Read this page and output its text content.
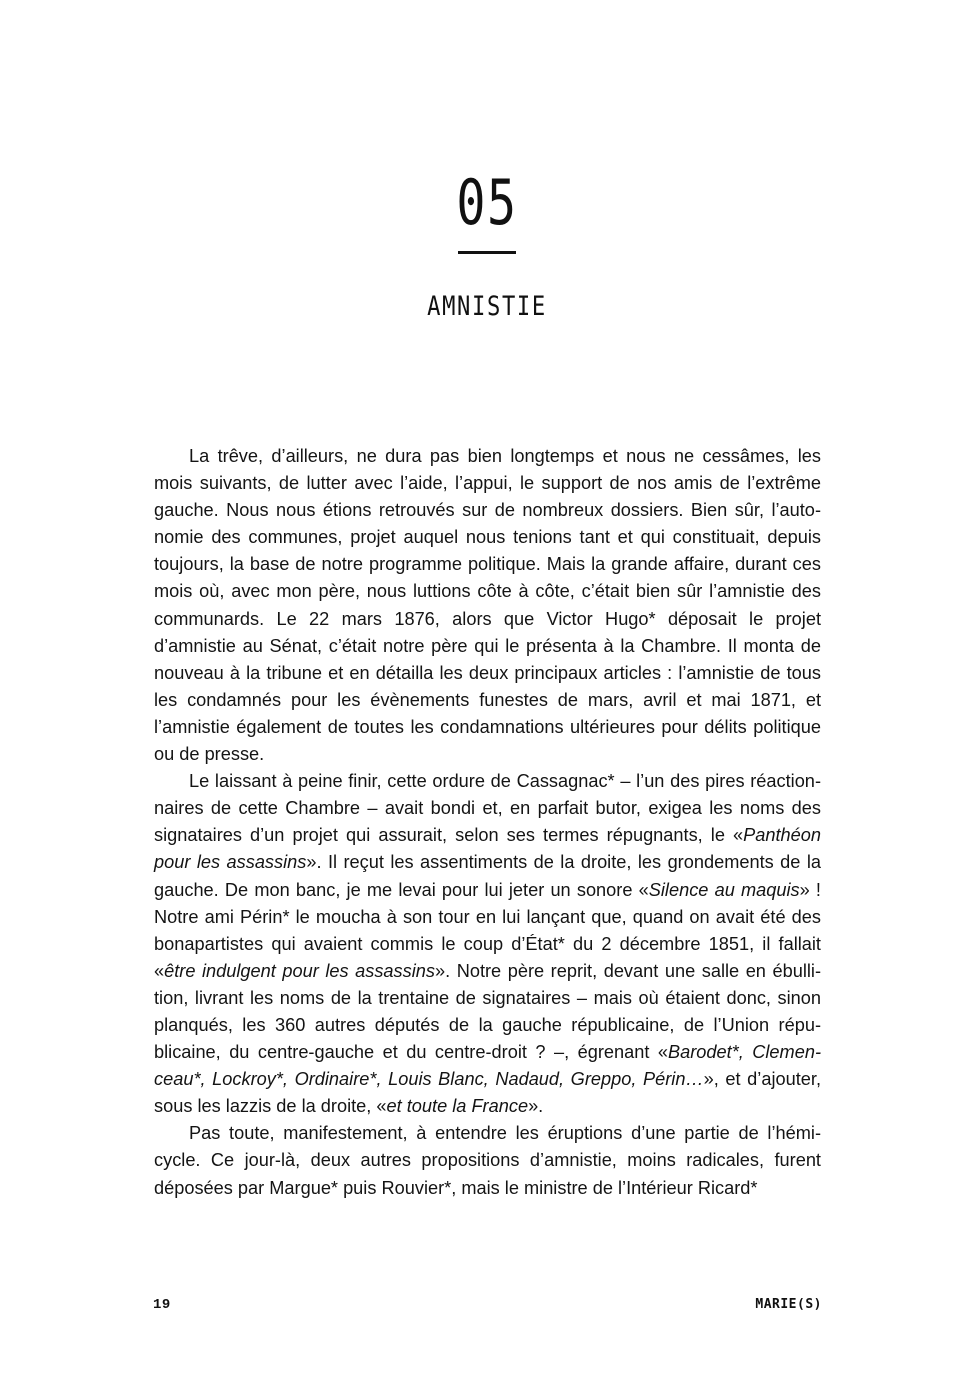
05
AMNISTIE

La trêve, d’ailleurs, ne dura pas bien longtemps et nous ne cessâmes, les mois suivants, de lutter avec l’aide, l’appui, le support de nos amis de l’extrême gauche. Nous nous étions retrouvés sur de nombreux dossiers. Bien sûr, l’autonomie des communes, projet auquel nous tenions tant et qui constituait, depuis toujours, la base de notre programme politique. Mais la grande affaire, durant ces mois où, avec mon père, nous luttions côte à côte, c’était bien sûr l’amnistie des communards. Le 22 mars 1876, alors que Victor Hugo* déposait le projet d’amnistie au Sénat, c’était notre père qui le présenta à la Chambre. Il monta de nouveau à la tribune et en détailla les deux principaux articles : l’amnistie de tous les condamnés pour les évènements funestes de mars, avril et mai 1871, et l’amnistie également de toutes les condamnations ultérieures pour délits politique ou de presse.

Le laissant à peine finir, cette ordure de Cassagnac* – l’un des pires réactionnaires de cette Chambre – avait bondi et, en parfait butor, exigea les noms des signataires d’un projet qui assurait, selon ses termes répugnants, le «Panthéon pour les assassins». Il reçut les assentiments de la droite, les grondements de la gauche. De mon banc, je me levai pour lui jeter un sonore «Silence au maquis» ! Notre ami Périn* le moucha à son tour en lui lançant que, quand on avait été des bonapartistes qui avaient commis le coup d’État* du 2 décembre 1851, il fallait «être indulgent pour les assassins». Notre père reprit, devant une salle en ébullition, livrant les noms de la trentaine de signataires – mais où étaient donc, sinon planqués, les 360 autres députés de la gauche républicaine, de l’Union républicaine, du centre-gauche et du centre-droit ? –, égrenant «Barodet*, Clemenceau*, Lockroy*, Ordinaire*, Louis Blanc, Nadaud, Greppo, Périn…», et d’ajouter, sous les lazzis de la droite, «et toute la France».

Pas toute, manifestement, à entendre les éruptions d’une partie de l’hémicycle. Ce jour-là, deux autres propositions d’amnistie, moins radicales, furent déposées par Margue* puis Rouvier*, mais le ministre de l’Intérieur Ricard*

19	MARIE(S)
